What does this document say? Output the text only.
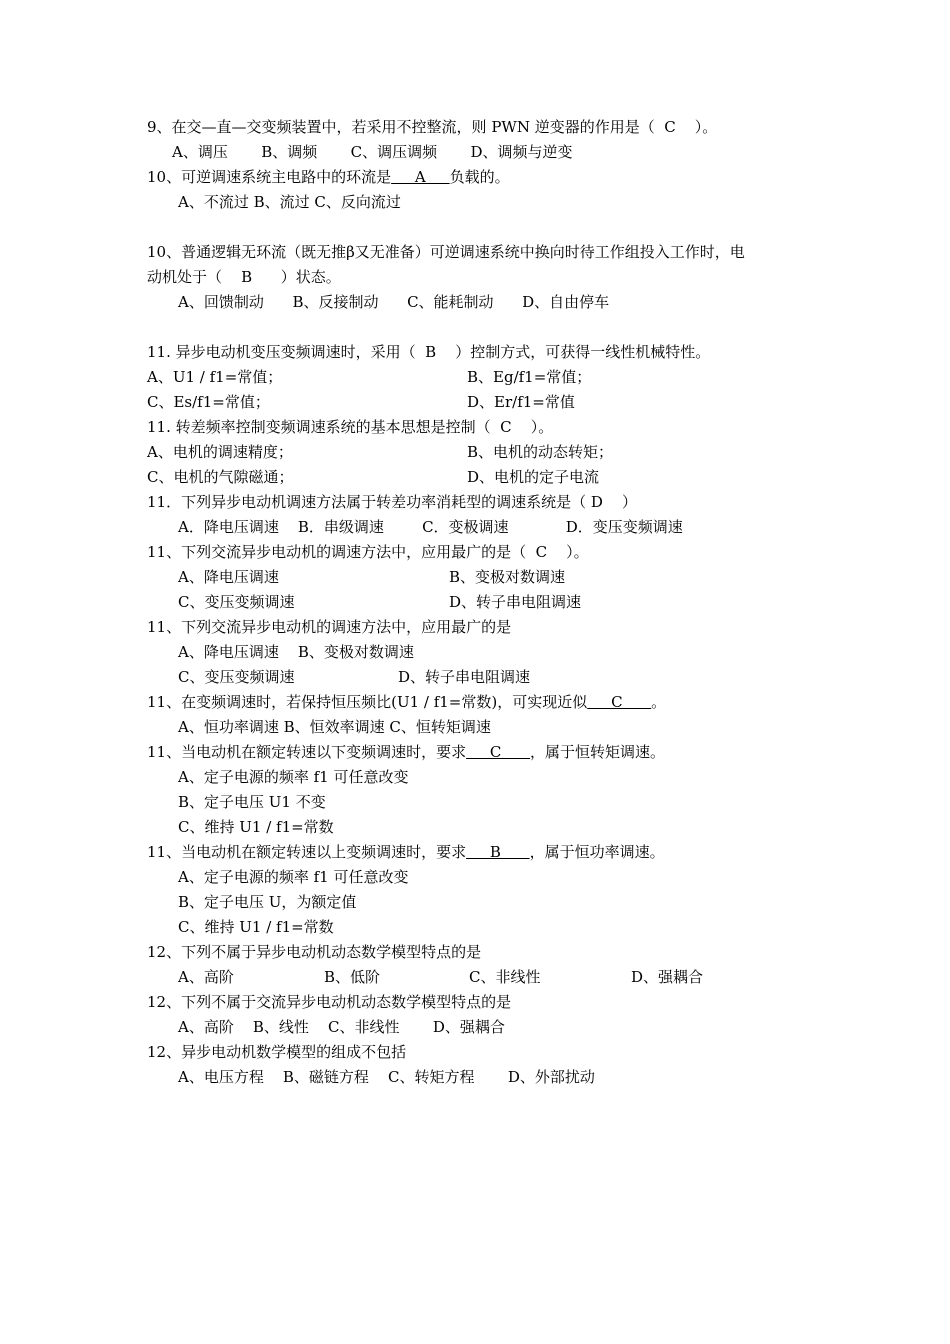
9、在交—直—交变频装置中，若采用不控整流，则 PWN 逆变器的作用是（  C    ）。
A、调压       B、调频       C、调压调频       D、调频与逆变
10、可逆调速系统主电路中的环流是     A     负载的。
A、不流过 B、流过 C、反向流过
10、普通逻辑无环流（既无推β又无准备）可逆调速系统中换向时待工作组投入工作时，电
动机处于（    B      ）状态。
A、回馈制动      B、反接制动      C、能耗制动      D、自由停车
11. 异步电动机变压变频调速时，采用（  B    ）控制方式，可获得一线性机械特性。
A、U1 / f1=常值；	B、Eg/f1=常值；
C、Es/f1=常值；	D、Er/f1=常值
11. 转差频率控制变频调速系统的基本思想是控制（  C    ）。
A、电机的调速精度；	B、电机的动态转矩；
C、电机的气隙磁通；	D、电机的定子电流
11．下列异步电动机调速方法属于转差功率消耗型的调速系统是（ D    ）
A．降电压调速    B．串级调速        C．变极调速            D．变压变频调速
11、下列交流异步电动机的调速方法中，应用最广的是（  C    ）。
A、降电压调速	B、变极对数调速
C、变压变频调速	D、转子串电阻调速
11、下列交流异步电动机的调速方法中，应用最广的是
A、降电压调速    B、变极对数调速
C、变压变频调速	D、转子串电阻调速
11、在变频调速时，若保持恒压频比(U1 / f1=常数)，可实现近似     C      。
A、恒功率调速 B、恒效率调速 C、恒转矩调速
11、当电动机在额定转速以下变频调速时，要求     C      ，属于恒转矩调速。
A、定子电源的频率 f1 可任意改变
B、定子电压 U1 不变
C、维持 U1 / f1=常数
11、当电动机在额定转速以上变频调速时，要求     B      ，属于恒功率调速。
A、定子电源的频率 f1 可任意改变
B、定子电压 U，为额定值
C、维持 U1 / f1=常数
12、下列不属于异步电动机动态数学模型特点的是
A、高阶	B、低阶	C、非线性	D、强耦合
12、下列不属于交流异步电动机动态数学模型特点的是
A、高阶    B、线性    C、非线性       D、强耦合
12、异步电动机数学模型的组成不包括
A、电压方程    B、磁链方程    C、转矩方程       D、外部扰动
